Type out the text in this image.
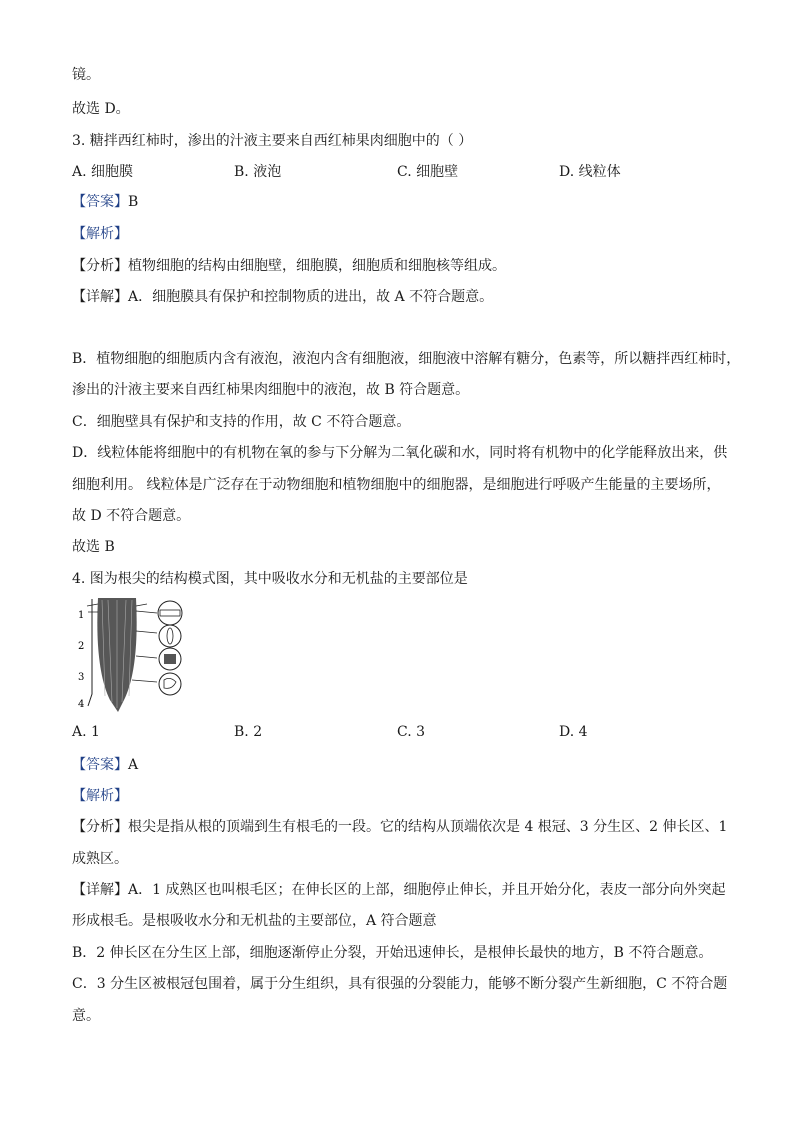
镜。
故选 D。
3. 糖拌西红柿时，渗出的汁液主要来自西红柿果肉细胞中的（ ）
A. 细胞膜	B. 液泡	C. 细胞壁	D. 线粒体
【答案】B
【解析】
【分析】植物细胞的结构由细胞壁，细胞膜，细胞质和细胞核等组成。
【详解】A．细胞膜具有保护和控制物质的进出，故 A 不符合题意。
B．植物细胞的细胞质内含有液泡，液泡内含有细胞液，细胞液中溶解有糖分，色素等，所以糖拌西红柿时，
渗出的汁液主要来自西红柿果肉细胞中的液泡，故 B 符合题意。
C．细胞壁具有保护和支持的作用，故 C 不符合题意。
D．线粒体能将细胞中的有机物在氧的参与下分解为二氧化碳和水，同时将有机物中的化学能释放出来，供
细胞利用。 线粒体是广泛存在于动物细胞和植物细胞中的细胞器，是细胞进行呼吸产生能量的主要场所，
故 D 不符合题意。
故选 B
4. 图为根尖的结构模式图，其中吸收水分和无机盐的主要部位是
1
2
3
4
A. 1	B. 2	C. 3	D. 4
【答案】A
【解析】
【分析】根尖是指从根的顶端到生有根毛的一段。它的结构从顶端依次是 4 根冠、3 分生区、2 伸长区、1
成熟区。
【详解】A．1 成熟区也叫根毛区；在伸长区的上部，细胞停止伸长，并且开始分化，表皮一部分向外突起
形成根毛。是根吸收水分和无机盐的主要部位，A 符合题意
B．2 伸长区在分生区上部，细胞逐渐停止分裂，开始迅速伸长，是根伸长最快的地方，B 不符合题意。
C．3 分生区被根冠包围着，属于分生组织，具有很强的分裂能力，能够不断分裂产生新细胞，C 不符合题
意。
